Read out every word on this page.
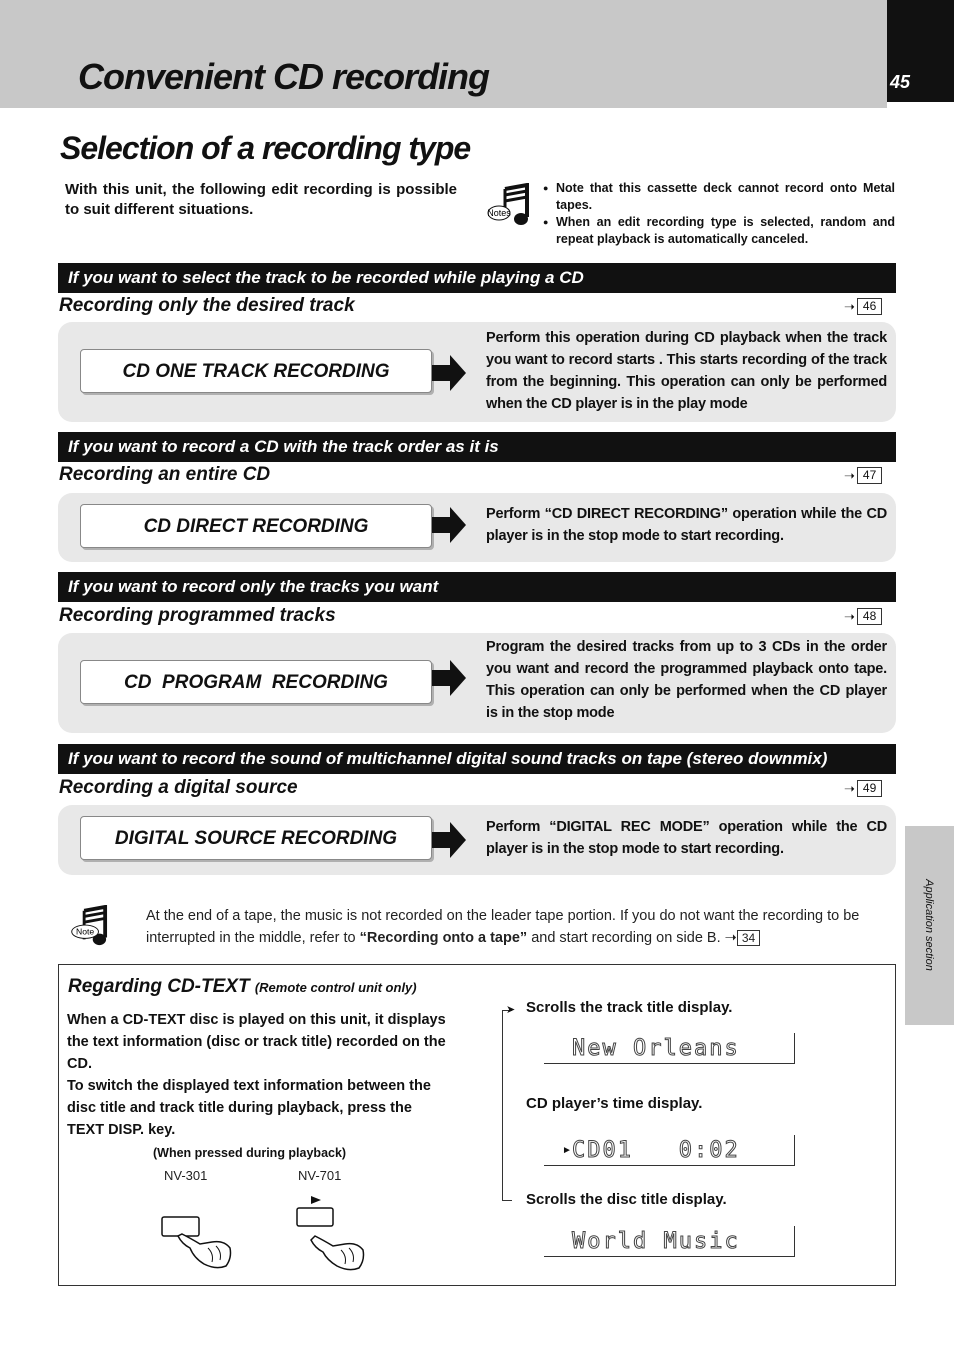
Convenient CD recording	45
Selection of a recording type

With this unit, the following edit recording is possible to suit different situations.	Notes
● Note that this cassette deck cannot record onto Metal tapes.
● When an edit recording type is selected, random and repeat playback is automatically canceled.
If you want to select the track to be recorded while playing a CD
Recording only the desired track	➝ 46
CD ONE TRACK RECORDING

Perform this operation during CD playback when the track you want to record starts . This starts recording of the track from the beginning. This operation can only be performed when the CD player is in the play mode

If you want to record a CD with the track order as it is
Recording an entire CD	➝ 47
CD DIRECT RECORDING

Perform “CD DIRECT RECORDING” operation while the CD player is in the stop mode to start recording.

If you want to record only the tracks you want
Recording programmed tracks	➝ 48
CD  PROGRAM  RECORDING

Program the desired tracks from up to 3 CDs in the order you want and record the programmed playback onto tape. This operation can only be performed when the CD player is in the stop mode

If you want to record the sound of multichannel digital sound tracks on tape (stereo downmix)
Recording a digital source	➝ 49
DIGITAL SOURCE RECORDING

Perform “DIGITAL REC MODE” operation while the CD player is in the stop mode to start recording.

Application section
Note

At the end of a tape, the music is not recorded on the leader tape portion. If you do not want the recording to be interrupted in the middle, refer to “Recording onto a tape” and start recording on side B. ➝ 34

Regarding CD-TEXT (Remote control unit only)

When a CD-TEXT disc is played on this unit, it displays the text information (disc or track title) recorded on the CD.

To switch the displayed text information between the disc title and track title during playback, press the TEXT DISP. key.

(When pressed during playback)
NV-301	NV-701
➤ Scrolls the track title display.
New Orleans
CD player’s time display.
► CD01   0:02
Scrolls the disc title display.
World Music
